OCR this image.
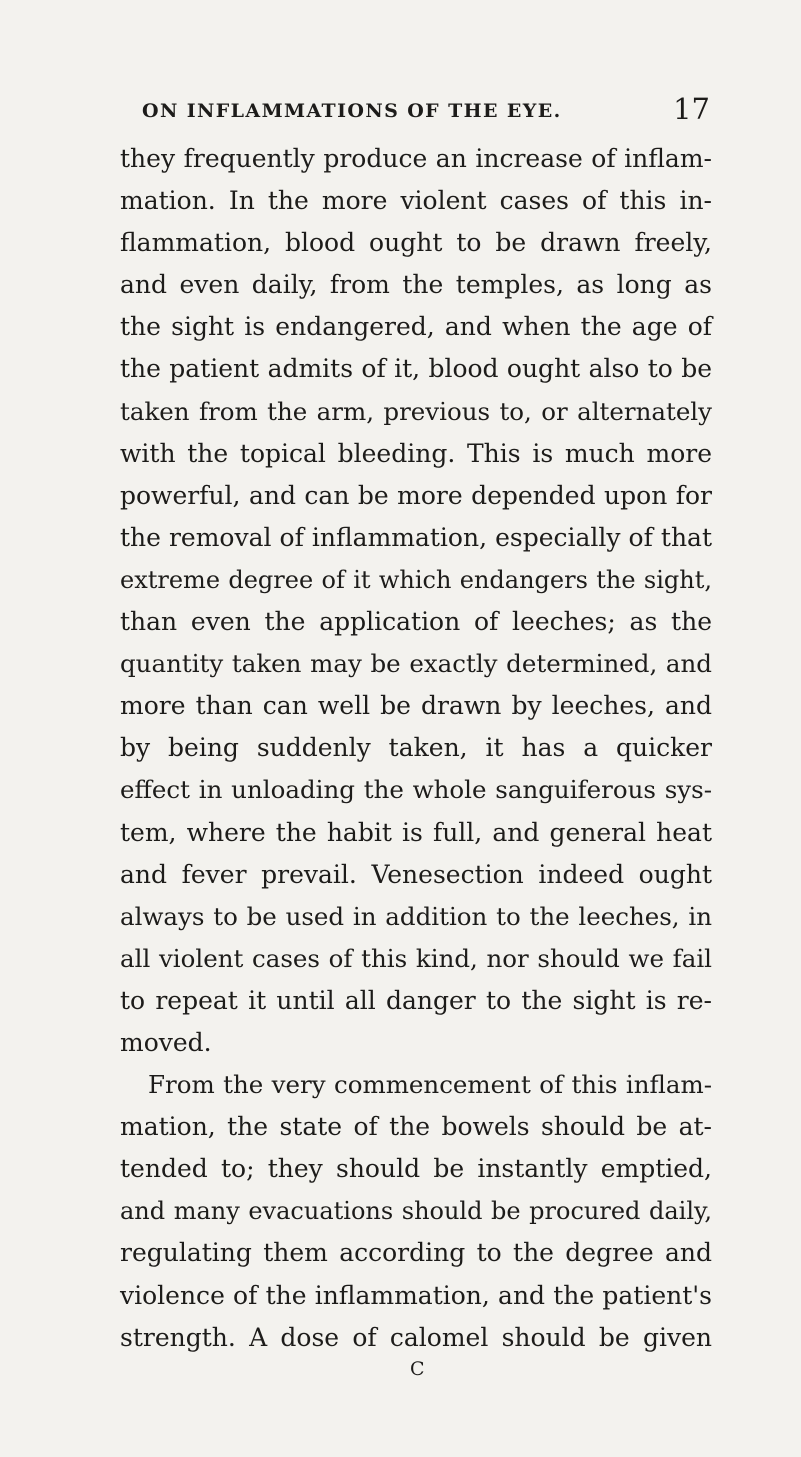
ON INFLAMMATIONS OF THE EYE.	17
they frequently produce an increase of inflam-
mation. In the more violent cases of this in-
flammation, blood ought to be drawn freely,
and even daily, from the temples, as long as
the sight is endangered, and when the age of
the patient admits of it, blood ought also to be
taken from the arm, previous to, or alternately
with the topical bleeding. This is much more
powerful, and can be more depended upon for
the removal of inflammation, especially of that
extreme degree of it which endangers the sight,
than even the application of leeches; as the
quantity taken may be exactly determined, and
more than can well be drawn by leeches, and
by being suddenly taken, it has a quicker
effect in unloading the whole sanguiferous sys-
tem, where the habit is full, and general heat
and fever prevail. Venesection indeed ought
always to be used in addition to the leeches, in
all violent cases of this kind, nor should we fail
to repeat it until all danger to the sight is re-
moved.
From the very commencement of this inflam-
mation, the state of the bowels should be at-
tended to; they should be instantly emptied,
and many evacuations should be procured daily,
regulating them according to the degree and
violence of the inflammation, and the patient's
strength. A dose of calomel should be given
C
